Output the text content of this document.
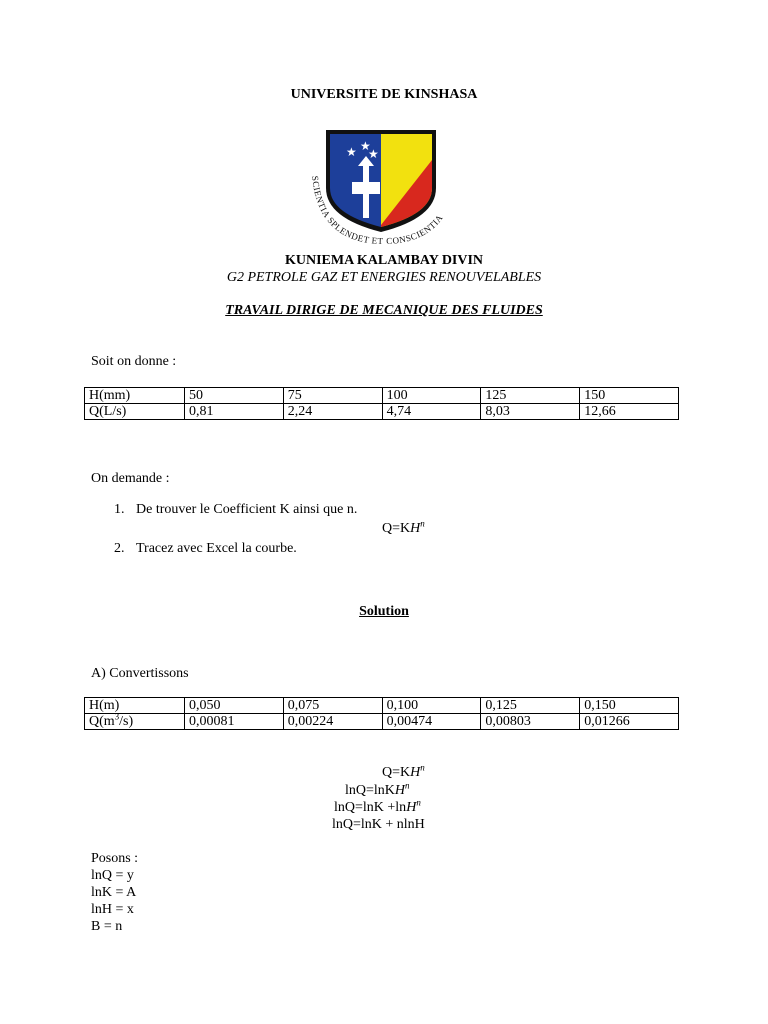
UNIVERSITE DE KINSHASA
★ ★
★
SCIENTIA SPLENDET ET CONSCIENTIA
KUNIEMA KALAMBAY DIVIN
G2 PETROLE GAZ ET ENERGIES RENOUVELABLES
TRAVAIL DIRIGE DE MECANIQUE DES FLUIDES
Soit on donne :
H(mm)	50	75	100	125	150
Q(L/s)	0,81	2,24	4,74	8,03	12,66
On demande :
1. De trouver le Coefficient K ainsi que n.
$Q=KH^n$
2. Tracez avec Excel la courbe.
Solution
A) Convertissons
H(m)	0,050	0,075	0,100	0,125	0,150
$Q(m^3/s)$	0,00081	0,00224	0,00474	0,00803	0,01266
$Q=KH^n$
lnQ=lnKH$^n$
lnQ=lnK +lnH$^n$
lnQ=lnK + nlnH
Posons :
lnQ = y
lnK = A
lnH = x
B = n
